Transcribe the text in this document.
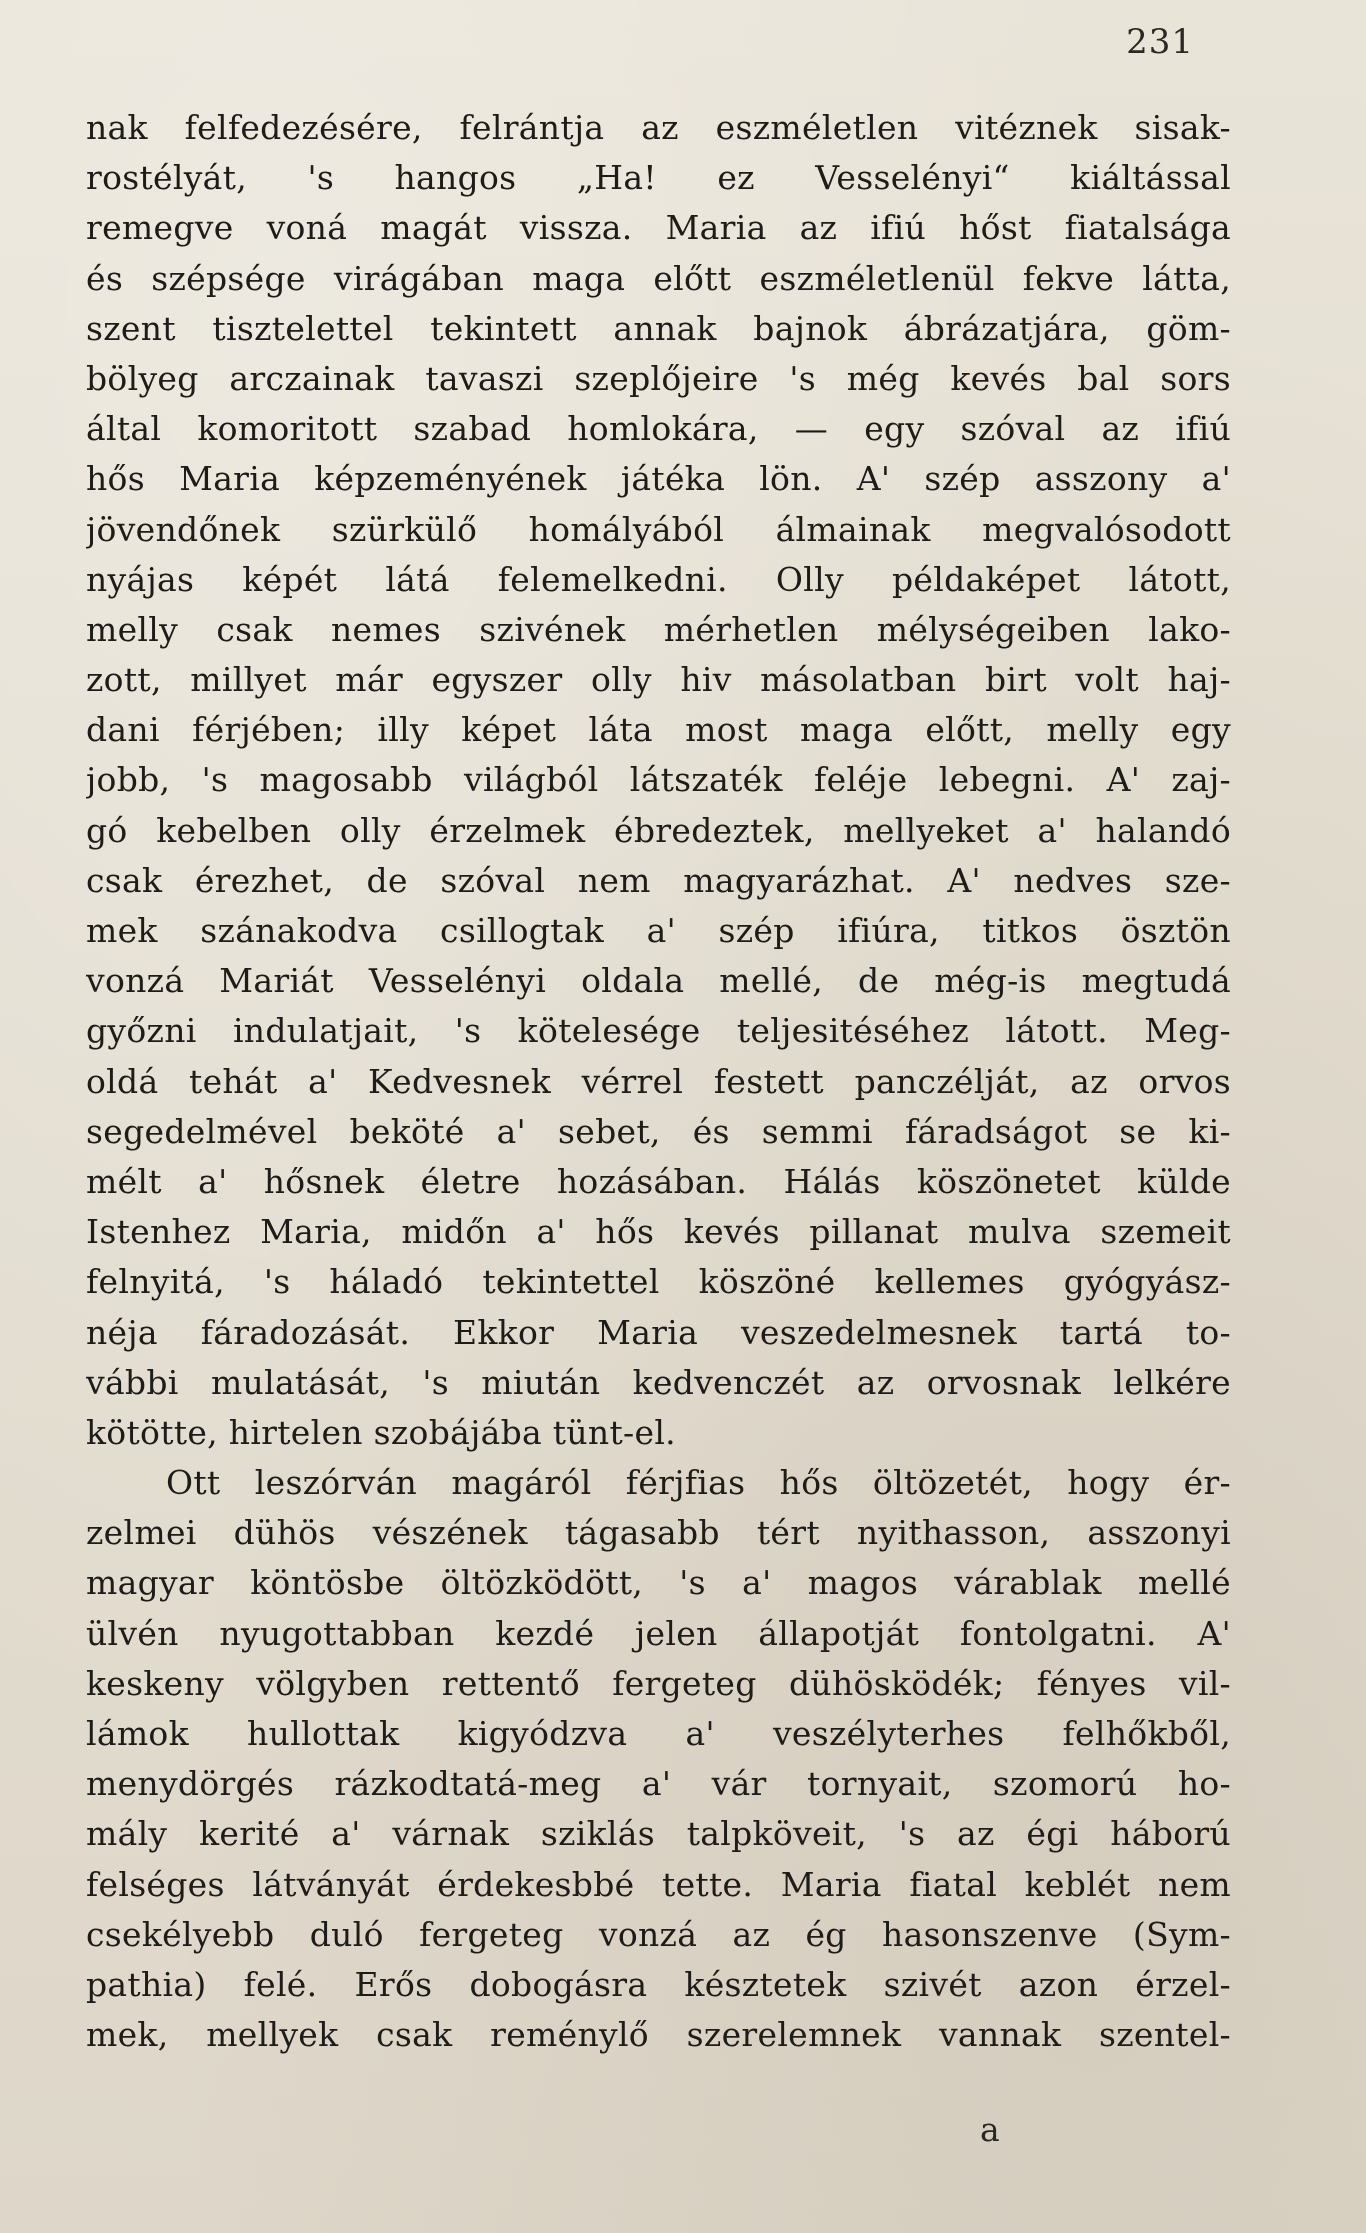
231
nak felfedezésére, felrántja az eszméletlen vitéznek sisak-
rostélyát, 's hangos „Ha! ez Vesselényi“ kiáltással
remegve voná magát vissza. Maria az ifiú hőst fiatalsága
és szépsége virágában maga előtt eszméletlenül fekve látta,
szent tisztelettel tekintett annak bajnok ábrázatjára, göm-
bölyeg arczainak tavaszi szeplőjeire 's még kevés bal sors
által komoritott szabad homlokára, — egy szóval az ifiú
hős Maria képzeményének játéka lön. A' szép asszony a'
jövendőnek szürkülő homályából álmainak megvalósodott
nyájas képét látá felemelkedni. Olly példaképet látott,
melly csak nemes szivének mérhetlen mélységeiben lako-
zott, millyet már egyszer olly hiv másolatban birt volt haj-
dani férjében; illy képet láta most maga előtt, melly egy
jobb, 's magosabb világból látszaték feléje lebegni. A' zaj-
gó kebelben olly érzelmek ébredeztek, mellyeket a' halandó
csak érezhet, de szóval nem magyarázhat. A' nedves sze-
mek szánakodva csillogtak a' szép ifiúra, titkos ösztön
vonzá Mariát Vesselényi oldala mellé, de még-is megtudá
győzni indulatjait, 's kötelesége teljesitéséhez látott. Meg-
oldá tehát a' Kedvesnek vérrel festett panczélját, az orvos
segedelmével beköté a' sebet, és semmi fáradságot se ki-
mélt a' hősnek életre hozásában. Hálás köszönetet külde
Istenhez Maria, midőn a' hős kevés pillanat mulva szemeit
felnyitá, 's háladó tekintettel köszöné kellemes gyógyász-
néja fáradozását. Ekkor Maria veszedelmesnek tartá to-
vábbi mulatását, 's miután kedvenczét az orvosnak lelkére
kötötte, hirtelen szobájába tünt-el.
Ott leszórván magáról férjfias hős öltözetét, hogy ér-
zelmei dühös vészének tágasabb tért nyithasson, asszonyi
magyar köntösbe öltözködött, 's a' magos várablak mellé
ülvén nyugottabban kezdé jelen állapotját fontolgatni. A'
keskeny völgyben rettentő fergeteg dühösködék; fényes vil-
lámok hullottak kigyódzva a' veszélyterhes felhőkből,
menydörgés rázkodtatá-meg a' vár tornyait, szomorú ho-
mály kerité a' várnak sziklás talpköveit, 's az égi háború
felséges látványát érdekesbbé tette. Maria fiatal keblét nem
csekélyebb duló fergeteg vonzá az ég hasonszenve (Sym-
pathia) felé. Erős dobogásra késztetek szivét azon érzel-
mek, mellyek csak reménylő szerelemnek vannak szentel-
a
